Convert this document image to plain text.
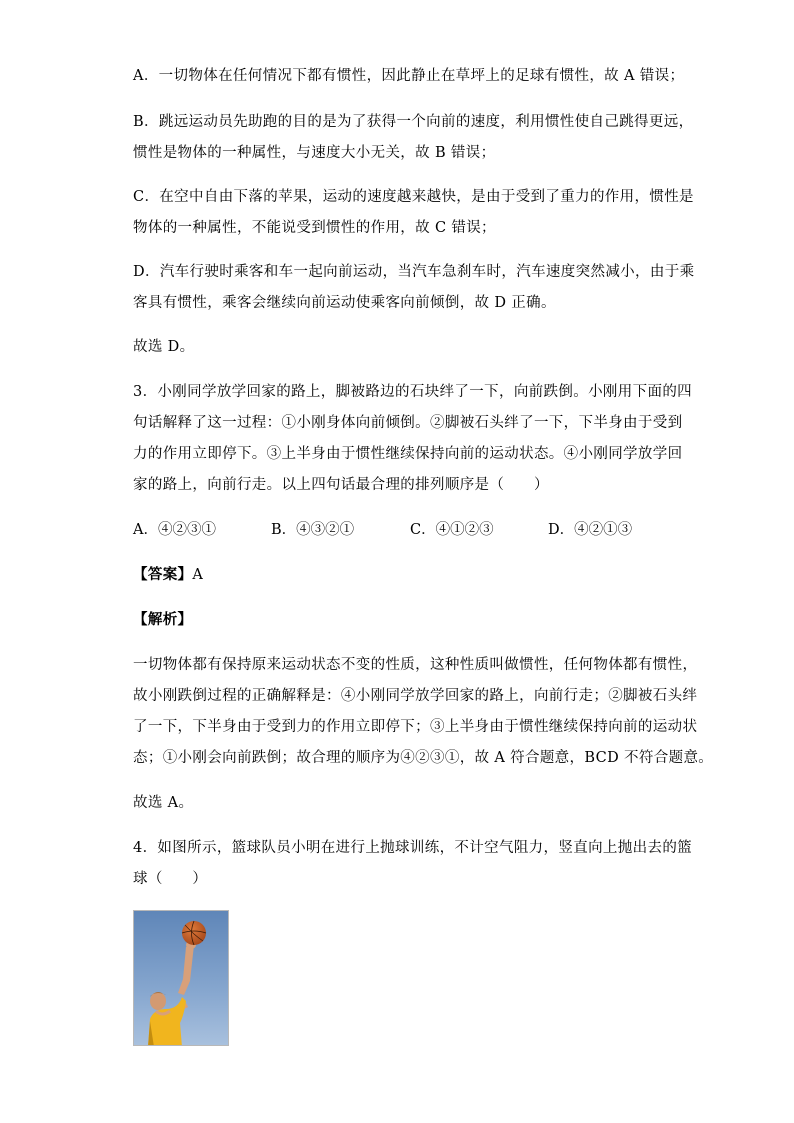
A．一切物体在任何情况下都有惯性，因此静止在草坪上的足球有惯性，故 A 错误；
B．跳远运动员先助跑的目的是为了获得一个向前的速度，利用惯性使自己跳得更远，
惯性是物体的一种属性，与速度大小无关，故 B 错误；
C．在空中自由下落的苹果，运动的速度越来越快，是由于受到了重力的作用，惯性是
物体的一种属性，不能说受到惯性的作用，故 C 错误；
D．汽车行驶时乘客和车一起向前运动，当汽车急刹车时，汽车速度突然减小，由于乘
客具有惯性，乘客会继续向前运动使乘客向前倾倒，故 D 正确。
故选 D。
3．小刚同学放学回家的路上，脚被路边的石块绊了一下，向前跌倒。小刚用下面的四
句话解释了这一过程：①小刚身体向前倾倒。②脚被石头绊了一下，下半身由于受到
力的作用立即停下。③上半身由于惯性继续保持向前的运动状态。④小刚同学放学回
家的路上，向前行走。以上四句话最合理的排列顺序是（　　）
A．④②③①	B．④③②①	C．④①②③	D．④②①③
【答案】A
【解析】
一切物体都有保持原来运动状态不变的性质，这种性质叫做惯性，任何物体都有惯性，
故小刚跌倒过程的正确解释是：④小刚同学放学回家的路上，向前行走；②脚被石头绊
了一下，下半身由于受到力的作用立即停下；③上半身由于惯性继续保持向前的运动状
态；①小刚会向前跌倒；故合理的顺序为④②③①，故 A 符合题意，BCD 不符合题意。
故选 A。
4．如图所示，篮球队员小明在进行上抛球训练，不计空气阻力，竖直向上抛出去的篮
球（　　）
